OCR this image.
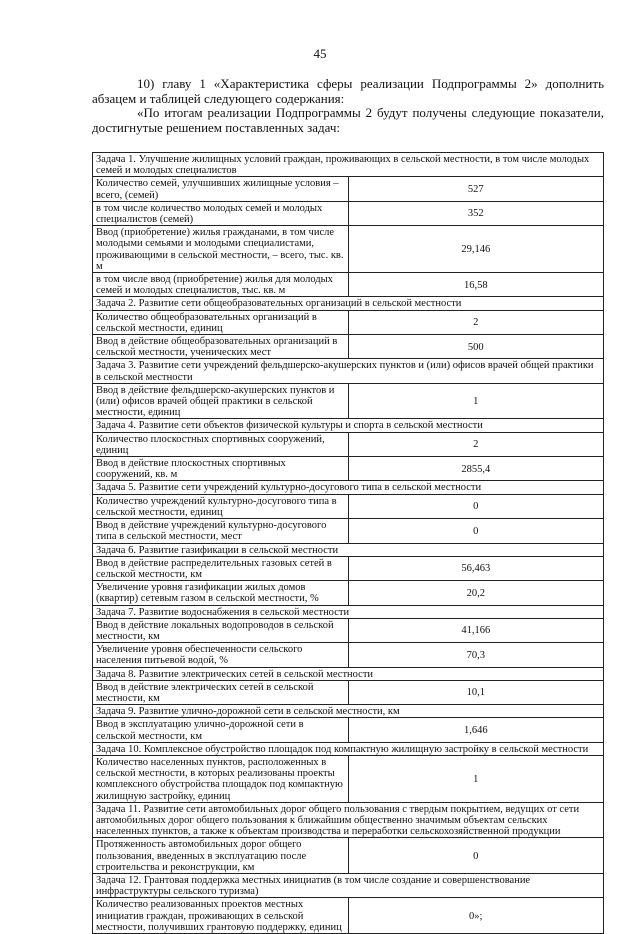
45

10) главу 1 «Характеристика сферы реализации Подпрограммы 2» дополнить абзацем и таблицей следующего содержания:

«По итогам реализации Подпрограммы 2 будут получены следующие показатели, достигнутые решением поставленных задач:

Задача 1. Улучшение жилищных условий граждан, проживающих в сельской местности, в том числе молодых семей и молодых специалистов	
Количество семей, улучшивших жилищные условия – всего, (семей)	527
в том числе количество молодых семей и молодых специалистов (семей)	352
Ввод (приобретение) жилья гражданами, в том числе молодыми семьями и молодыми специалистами, проживающими в сельской местности, – всего, тыс. кв. м	29,146
в том числе ввод (приобретение) жилья для молодых семей и молодых специалистов, тыс. кв. м	16,58
Задача 2. Развитие сети общеобразовательных организаций в сельской местности	
Количество общеобразовательных организаций в сельской местности, единиц	2
Ввод в действие общеобразовательных организаций в сельской местности, ученических мест	500
Задача 3. Развитие сети учреждений фельдшерско-акушерских пунктов и (или) офисов врачей общей практики в сельской местности	
Ввод в действие фельдшерско-акушерских пунктов и (или) офисов врачей общей практики в сельской местности, единиц	1
Задача 4. Развитие сети объектов физической культуры и спорта в сельской местности	
Количество плоскостных спортивных сооружений, единиц	2
Ввод в действие плоскостных спортивных сооружений, кв. м	2855,4
Задача 5. Развитие сети учреждений культурно-досугового типа в сельской местности	
Количество учреждений культурно-досугового типа в сельской местности, единиц	0
Ввод в действие учреждений культурно-досугового типа в сельской местности, мест	0
Задача 6. Развитие газификации в сельской местности	
Ввод в действие распределительных газовых сетей в сельской местности, км	56,463
Увеличение уровня газификации жилых домов (квартир) сетевым газом в сельской местности, %	20,2
Задача 7. Развитие водоснабжения в сельской местности	
Ввод в действие локальных водопроводов в сельской местности, км	41,166
Увеличение уровня обеспеченности сельского населения питьевой водой, %	70,3
Задача 8. Развитие электрических сетей в сельской местности	
Ввод в действие электрических сетей в сельской местности, км	10,1
Задача 9. Развитие улично-дорожной сети в сельской местности, км	
Ввод в эксплуатацию улично-дорожной сети в сельской местности, км	1,646
Задача 10. Комплексное обустройство площадок под компактную жилищную застройку в сельской местности	
Количество населенных пунктов, расположенных в сельской местности, в которых реализованы проекты комплексного обустройства площадок под компактную жилищную застройку, единиц	1
Задача 11. Развитие сети автомобильных дорог общего пользования с твердым покрытием, ведущих от сети автомобильных дорог общего пользования к ближайшим общественно значимым объектам сельских населенных пунктов, а также к объектам производства и переработки сельскохозяйственной продукции	
Протяженность автомобильных дорог общего пользования, введенных в эксплуатацию после строительства и реконструкции, км	0
Задача 12. Грантовая поддержка местных инициатив (в том числе создание и совершенствование инфраструктуры сельского туризма)	
Количество реализованных проектов местных инициатив граждан, проживающих в сельской местности, получивших грантовую поддержку, единиц	0»;
